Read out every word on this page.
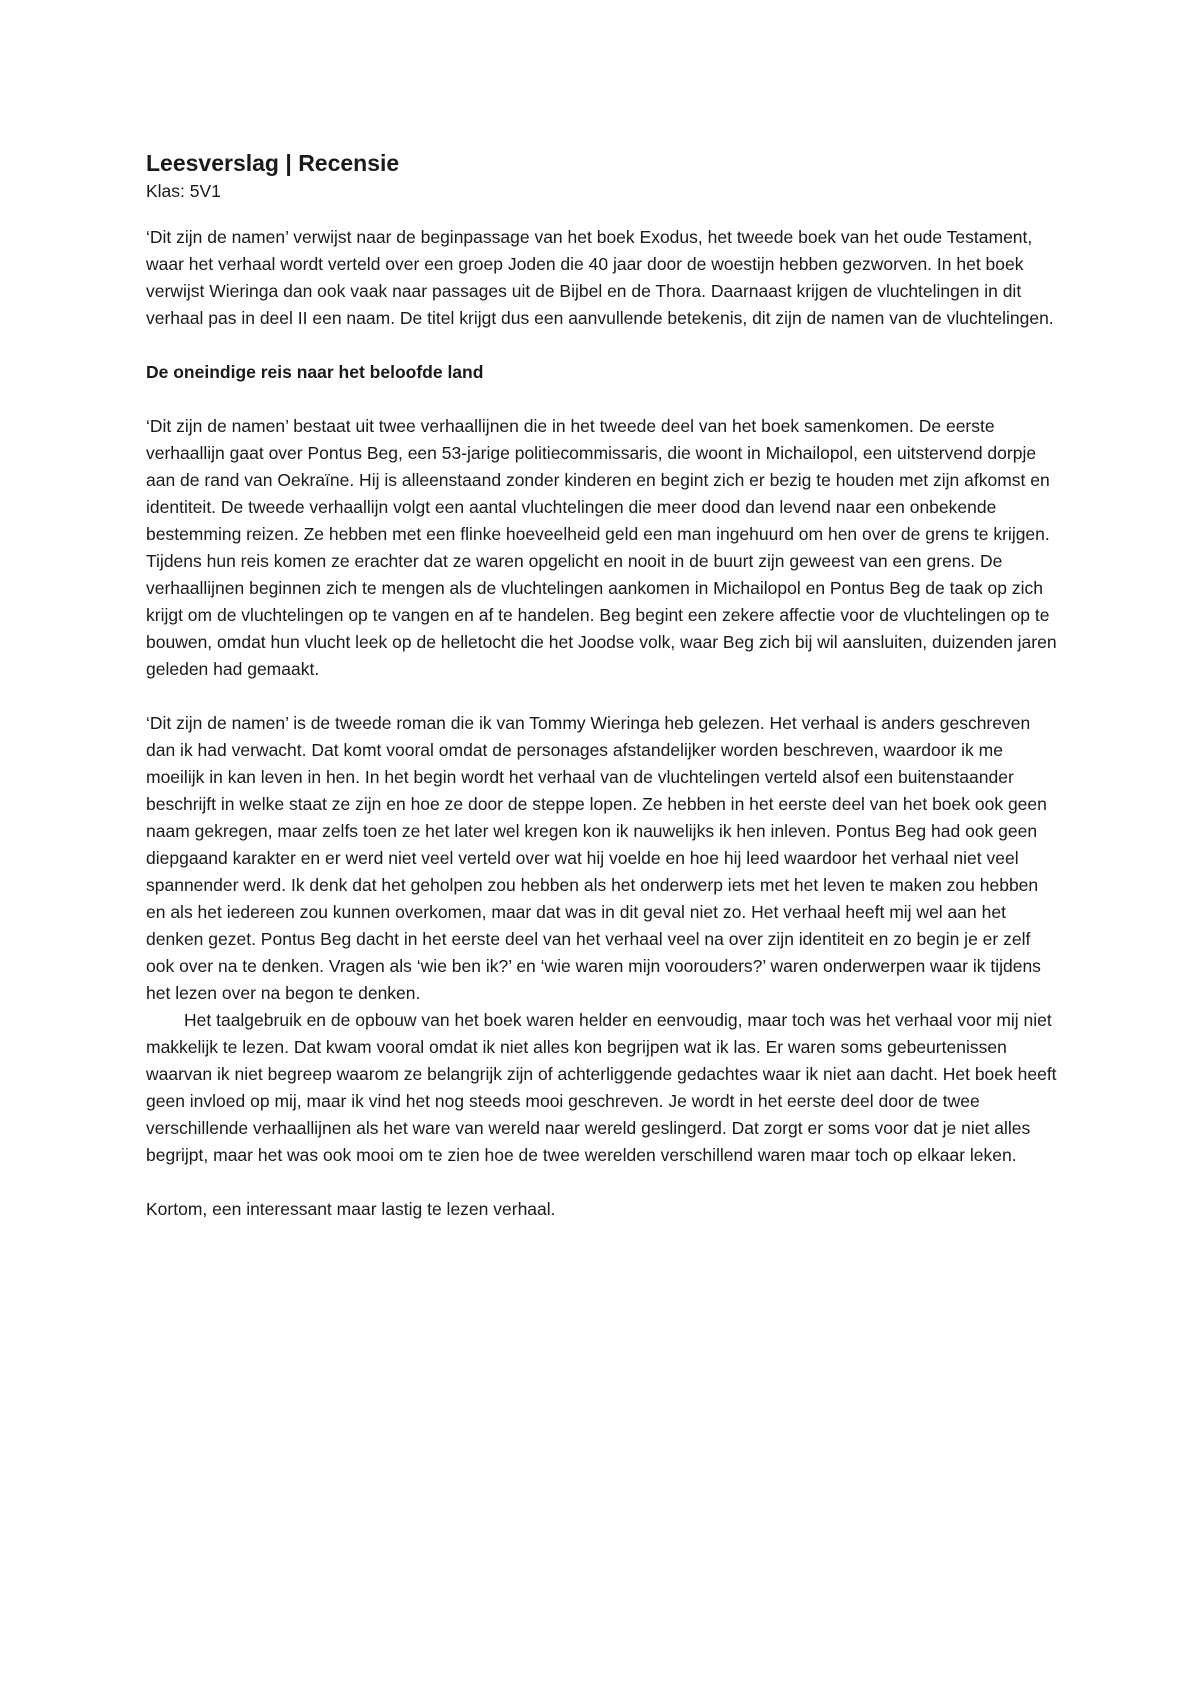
Leesverslag | Recensie

Klas: 5V1

‘Dit zijn de namen’ verwijst naar de beginpassage van het boek Exodus, het tweede boek van het oude Testament, waar het verhaal wordt verteld over een groep Joden die 40 jaar door de woestijn hebben gezworven. In het boek verwijst Wieringa dan ook vaak naar passages uit de Bijbel en de Thora. Daarnaast krijgen de vluchtelingen in dit verhaal pas in deel II een naam. De titel krijgt dus een aanvullende betekenis, dit zijn de namen van de vluchtelingen.

De oneindige reis naar het beloofde land

‘Dit zijn de namen’ bestaat uit twee verhaallijnen die in het tweede deel van het boek samenkomen. De eerste verhaallijn gaat over Pontus Beg, een 53-jarige politiecommissaris, die woont in Michailopol, een uitstervend dorpje aan de rand van Oekraïne. Hij is alleenstaand zonder kinderen en begint zich er bezig te houden met zijn afkomst en identiteit. De tweede verhaallijn volgt een aantal vluchtelingen die meer dood dan levend naar een onbekende bestemming reizen. Ze hebben met een flinke hoeveelheid geld een man ingehuurd om hen over de grens te krijgen. Tijdens hun reis komen ze erachter dat ze waren opgelicht en nooit in de buurt zijn geweest van een grens. De verhaallijnen beginnen zich te mengen als de vluchtelingen aankomen in Michailopol en Pontus Beg de taak op zich krijgt om de vluchtelingen op te vangen en af te handelen. Beg begint een zekere affectie voor de vluchtelingen op te bouwen, omdat hun vlucht leek op de helletocht die het Joodse volk, waar Beg zich bij wil aansluiten, duizenden jaren geleden had gemaakt.

‘Dit zijn de namen’ is de tweede roman die ik van Tommy Wieringa heb gelezen. Het verhaal is anders geschreven dan ik had verwacht. Dat komt vooral omdat de personages afstandelijker worden beschreven, waardoor ik me moeilijk in kan leven in hen. In het begin wordt het verhaal van de vluchtelingen verteld alsof een buitenstaander beschrijft in welke staat ze zijn en hoe ze door de steppe lopen. Ze hebben in het eerste deel van het boek ook geen naam gekregen, maar zelfs toen ze het later wel kregen kon ik nauwelijks ik hen inleven. Pontus Beg had ook geen diepgaand karakter en er werd niet veel verteld over wat hij voelde en hoe hij leed waardoor het verhaal niet veel spannender werd. Ik denk dat het geholpen zou hebben als het onderwerp iets met het leven te maken zou hebben en als het iedereen zou kunnen overkomen, maar dat was in dit geval niet zo. Het verhaal heeft mij wel aan het denken gezet. Pontus Beg dacht in het eerste deel van het verhaal veel na over zijn identiteit en zo begin je er zelf ook over na te denken. Vragen als ‘wie ben ik?’ en ‘wie waren mijn voorouders?’ waren onderwerpen waar ik tijdens het lezen over na begon te denken.

Het taalgebruik en de opbouw van het boek waren helder en eenvoudig, maar toch was het verhaal voor mij niet makkelijk te lezen. Dat kwam vooral omdat ik niet alles kon begrijpen wat ik las. Er waren soms gebeurtenissen waarvan ik niet begreep waarom ze belangrijk zijn of achterliggende gedachtes waar ik niet aan dacht. Het boek heeft geen invloed op mij, maar ik vind het nog steeds mooi geschreven. Je wordt in het eerste deel door de twee verschillende verhaallijnen als het ware van wereld naar wereld geslingerd. Dat zorgt er soms voor dat je niet alles begrijpt, maar het was ook mooi om te zien hoe de twee werelden verschillend waren maar toch op elkaar leken.

Kortom, een interessant maar lastig te lezen verhaal.
